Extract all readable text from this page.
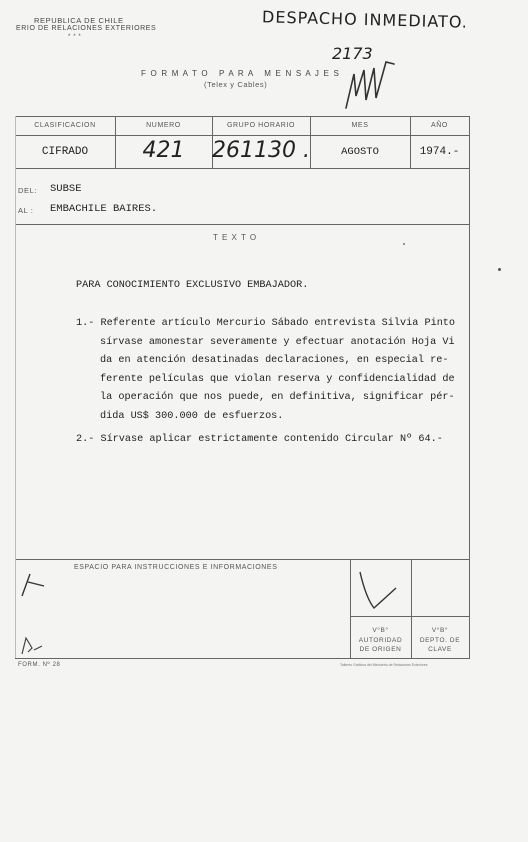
REPUBLICA DE CHILE
ERIO DE RELACIONES EXTERIORES
* * *
DESPACHO INMEDIATO.
2173
F O R M A T O   P A R A   M E N S A J E S
(Telex y Cables)
CLASIFICACION	NUMERO	GRUPO HORARIO	MES	AÑO
CIFRADO	421	261130 .	AGOSTO	1974.-
DEL: SUBSE
AL : EMBACHILE BAIRES.
T E X T O
PARA CONOCIMIENTO EXCLUSIVO EMBAJADOR.

1.- Referente artículo Mercurio Sábado entrevista Silvia Pinto

sírvase amonestar severamente y efectuar anotación Hoja Vi

da en atención desatinadas declaraciones, en especial re-

ferente películas que violan reserva y confidencialidad de

la operación que nos puede, en definitiva, significar pér-

dida US$ 300.000 de esfuerzos.

2.- Sírvase aplicar estrictamente contenido Circular Nº 64.-
ESPACIO PARA INSTRUCCIONES E INFORMACIONES
V°B°
AUTORIDAD
DE ORIGEN
V°B°
DEPTO. DE
CLAVE
FORM. Nº 28	Talleres Gráficos del Ministerio de Relaciones Exteriores
